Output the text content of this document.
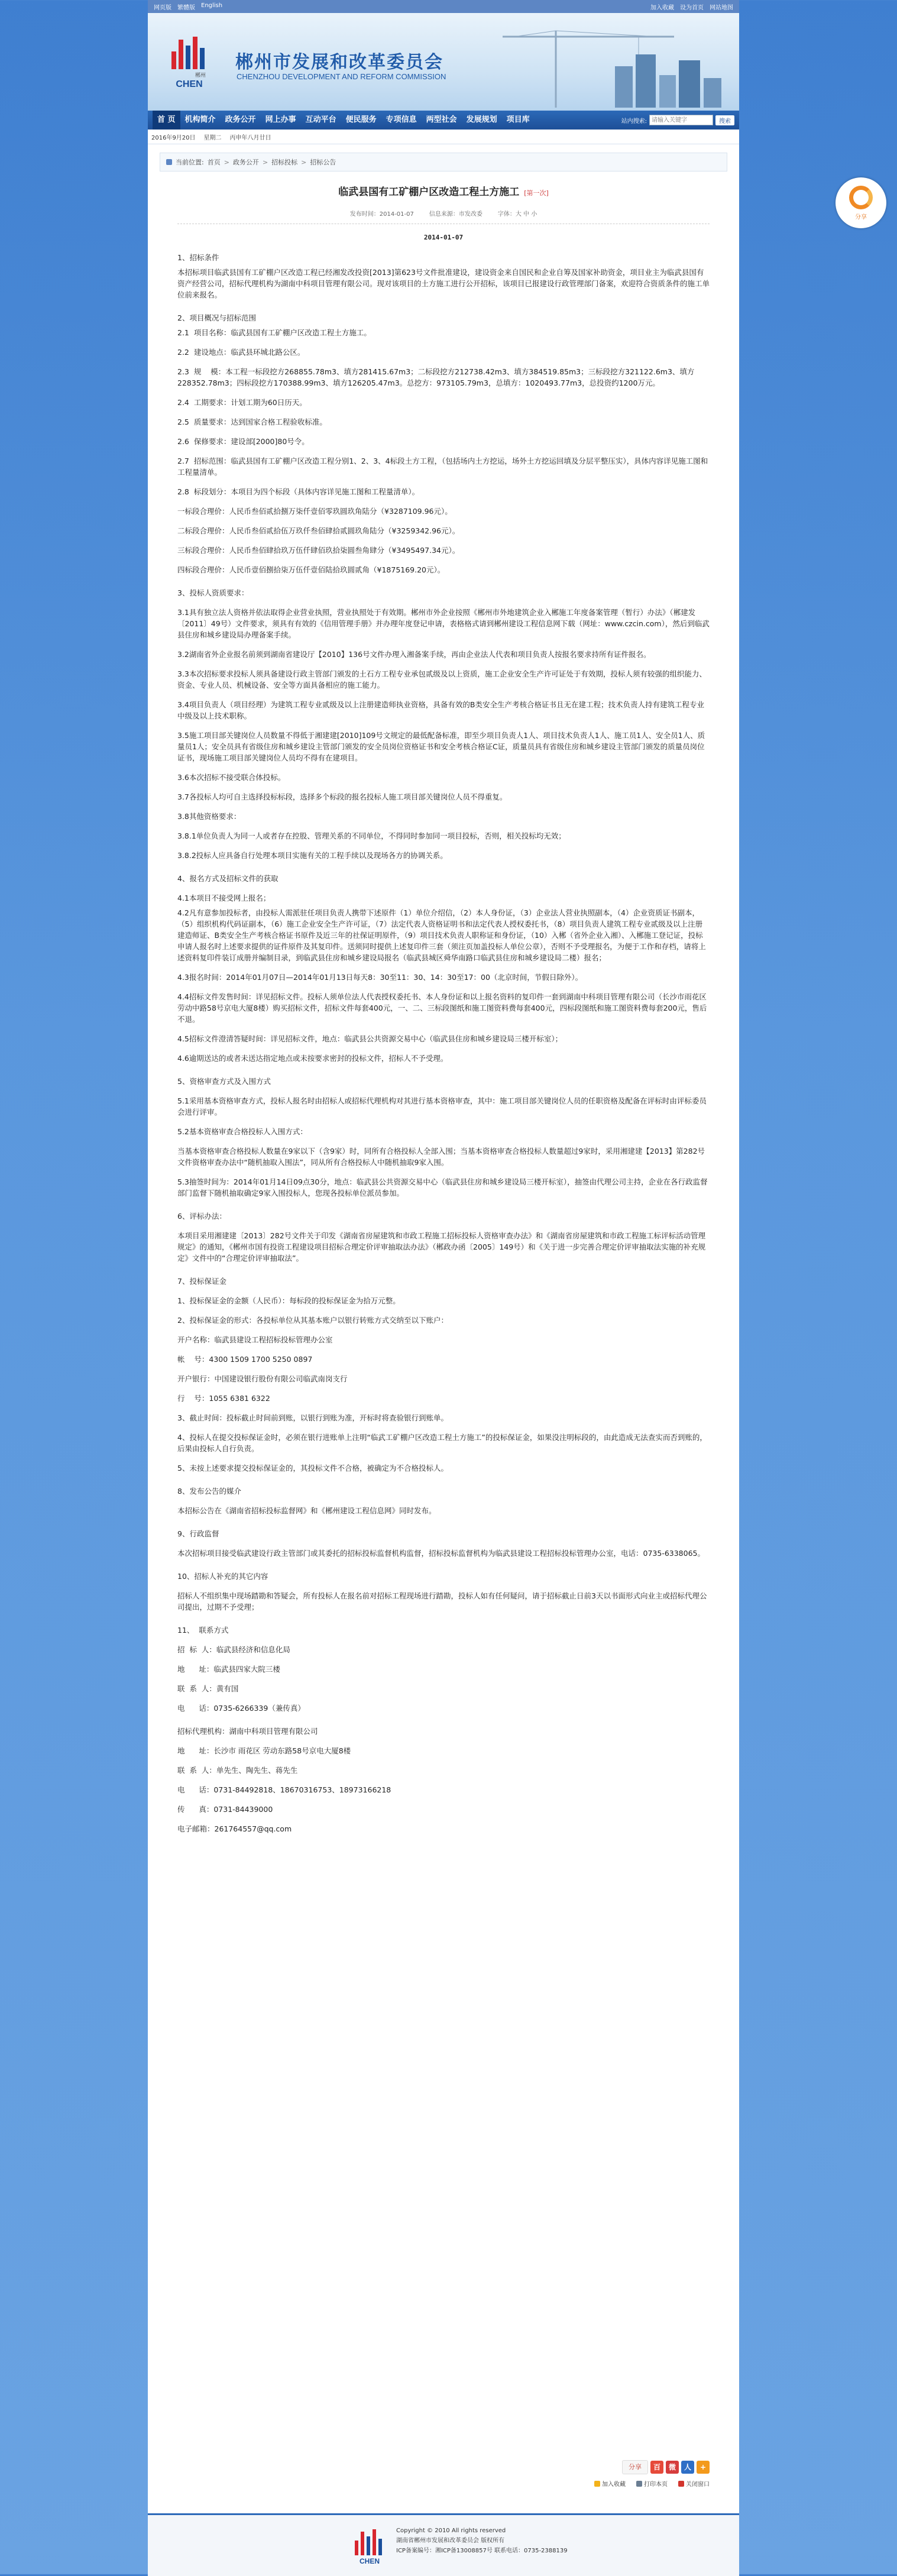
网页版 繁體版 English	加入收藏 设为首页 网站地图
郴州
CHEN
郴州市发展和改革委员会
CHENZHOU DEVELOPMENT AND REFORM COMMISSION
首 页	机构简介	政务公开	网上办事	互动平台	便民服务	专项信息	两型社会	发展规划	项目库	站内搜索:
请输入关键字	搜索
2016年9月20日 星期二 丙申年八月廿日
当前位置: 首页 > 政务公开 > 招标投标 > 招标公告
临武县国有工矿棚户区改造工程土方施工 [第一次]
发布时间：2014-01-07	信息来源：市发改委	字体：大 中 小
2014-01-07

1、招标条件

本招标项目临武县国有工矿棚户区改造工程已经湘发改投资[2013]第623号文件批准建设，建设资金来自国民和企业自筹及国家补助资金，项目业主为临武县国有资产经营公司，招标代理机构为湖南中科项目管理有限公司。现对该项目的土方施工进行公开招标，该项目已报建设行政管理部门备案，欢迎符合资质条件的施工单位前来报名。

2、项目概况与招标范围

2.1  项目名称：临武县国有工矿棚户区改造工程土方施工。

2.2  建设地点：临武县环城北路公区。

2.3  规    模：本工程一标段挖方268855.78m3、填方281415.67m3；二标段挖方212738.42m3、填方384519.85m3；三标段挖方321122.6m3、填方228352.78m3；四标段挖方170388.99m3、填方126205.47m3。总挖方：973105.79m3，总填方：1020493.77m3，总投资约1200万元。

2.4  工期要求：计划工期为60日历天。

2.5  质量要求：达到国家合格工程验收标准。

2.6  保修要求：建设部[2000]80号令。

2.7  招标范围：临武县国有工矿棚户区改造工程分别1、2、3、4标段土方工程，（包括场内土方挖运，场外土方挖运回填及分层平整压实），具体内容详见施工图和工程量清单。

2.8  标段划分：本项目为四个标段（具体内容详见施工图和工程量清单）。

一标段合理价：人民币叁佰贰拾捌万柒仟壹佰零玖圆玖角陆分（¥3287109.96元）。

二标段合理价：人民币叁佰贰拾伍万玖仟叁佰肆拾贰圆玖角陆分（¥3259342.96元）。

三标段合理价：人民币叁佰肆拾玖万伍仟肆佰玖拾柒圆叁角肆分（¥3495497.34元）。

四标段合理价：人民币壹佰捌拾柒万伍仟壹佰陆拾玖圆贰角（¥1875169.20元）。

3、投标人资质要求：

3.1具有独立法人资格并依法取得企业营业执照，营业执照处于有效期。郴州市外企业按照《郴州市外地建筑企业入郴施工年度备案管理（暂行）办法》（郴建发〔2011〕49号）文件要求，须具有有效的《信用管理手册》并办理年度登记申请，表格格式请到郴州建设工程信息网下载（网址：www.czcin.com），然后到临武县住房和城乡建设局办理备案手续。

3.2湖南省外企业报名前须到湖南省建设厅【2010】136号文件办理入湘备案手续，再由企业法人代表和项目负责人按报名要求持所有证件报名。

3.3本次招标要求投标人须具备建设行政主管部门颁发的土石方工程专业承包贰级及以上资质，施工企业安全生产许可证处于有效期，投标人须有较强的组织能力、资金、专业人员、机械设备、安全等方面具备相应的施工能力。

3.4项目负责人（项目经理）为建筑工程专业贰级及以上注册建造师执业资格，具备有效的B类安全生产考核合格证书且无在建工程；技术负责人持有建筑工程专业中级及以上技术职称。

3.5施工项目部关键岗位人员数量不得低于湘建建[2010]109号文规定的最低配备标准，即至少项目负责人1人、项目技术负责人1人、施工员1人、安全员1人、质量员1人；安全员具有省级住房和城乡建设主管部门颁发的安全员岗位资格证书和安全考核合格证C证，质量员具有省级住房和城乡建设主管部门颁发的质量员岗位证书，现场施工项目部关键岗位人员均不得有在建项目。

3.6本次招标不接受联合体投标。

3.7各投标人均可自主选择投标标段，选择多个标段的报名投标人施工项目部关键岗位人员不得重复。

3.8其他资格要求：

3.8.1单位负责人为同一人或者存在控股、管理关系的不同单位，不得同时参加同一项目投标，否则，相关投标均无效；

3.8.2投标人应具备自行处理本项目实施有关的工程手续以及现场各方的协调关系。

4、报名方式及招标文件的获取

4.1本项目不接受网上报名；

4.2凡有意参加投标者，由投标人需派驻任项目负责人携带下述原件（1）单位介绍信，（2）本人身份证，（3）企业法人营业执照副本，（4）企业资质证书副本，（5）组织机构代码证副本，（6）施工企业安全生产许可证，（7）法定代表人资格证明书和法定代表人授权委托书，（8）项目负责人建筑工程专业贰级及以上注册建造师证、B类安全生产考核合格证书原件及近三年的社保证明原件，（9）项目技术负责人职称证和身份证，（10）入郴（省外企业入湘）、入郴施工登记证，投标申请人报名时上述要求提供的证件原件及其复印件。送须同时提供上述复印件三套（须注页加盖投标人单位公章），否则不予受理报名，为便于工作和存档，请将上述资料复印件装订成册并编制目录，到临武县住房和城乡建设局报名（临武县城区舜华南路口临武县住房和城乡建设局二楼）报名；

4.3报名时间：2014年01月07日—2014年01月13日每天8：30至11：30、14：30至17：00（北京时间，节假日除外）。

4.4招标文件发售时间：详见招标文件。投标人须单位法人代表授权委托书、本人身份证和以上报名资料的复印件一套到湖南中科项目管理有限公司（长沙市雨花区劳动中路58号京电大厦8楼）购买招标文件，招标文件每套400元，一、二、三标段图纸和施工图资料费每套400元，四标段图纸和施工图资料费每套200元，售后不退。

4.5招标文件澄清答疑时间：详见招标文件，地点：临武县公共资源交易中心（临武县住房和城乡建设局三楼开标室）；

4.6逾期送达的或者未送达指定地点或未按要求密封的投标文件，招标人不予受理。

5、资格审查方式及入围方式

5.1采用基本资格审查方式，投标人报名时由招标人或招标代理机构对其进行基本资格审查，其中：施工项目部关键岗位人员的任职资格及配备在评标时由评标委员会进行评审。

5.2基本资格审查合格投标人入围方式：

当基本资格审查合格投标人数量在9家以下（含9家）时，同所有合格投标人全部入围；当基本资格审查合格投标人数量超过9家时，采用湘建建【2013】第282号文件资格审查办法中“随机抽取入围法”，同从所有合格投标人中随机抽取9家入围。

5.3抽签时间为：2014年01月14日09点30分，地点：临武县公共资源交易中心（临武县住房和城乡建设局三楼开标室），抽签由代理公司主持，企业在各行政监督部门监督下随机抽取确定9家入围投标人，您现各投标单位派员参加。

6、评标办法：

本项目采用湘建建〔2013〕282号文件关于印发《湖南省房屋建筑和市政工程施工招标投标人资格审查办法》和《湖南省房屋建筑和市政工程施工标评标活动管理规定》的通知，《郴州市国有投资工程建设项目招标合理定价评审抽取法办法》（郴政办函〔2005〕149号）和《关于进一步完善合理定价评审抽取法实施的补充规定》文件中的“合理定价评审抽取法”。

7、投标保证金

1、投标保证金的金额（人民币）：每标段的投标保证金为拾万元整。

2、投标保证金的形式：各投标单位从其基本账户以银行转账方式交纳至以下账户：

开户名称：临武县建设工程招标投标管理办公室

帐    号：4300 1509 1700 5250 0897

开户银行：中国建设银行股份有限公司临武南岗支行

行    号：1055 6381 6322

3、截止时间：投标截止时间前到账，以银行到账为准，开标时将查验银行到账单。

4、投标人在提交投标保证金时，必须在银行进账单上注明“临武工矿棚户区改造工程土方施工”的投标保证金，如果没注明标段的，由此造成无法查实而否到账的，后果由投标人自行负责。

5、未按上述要求提交投标保证金的，其投标文件不合格，被确定为不合格投标人。

8、发布公告的媒介

本招标公告在《湖南省招标投标监督网》和《郴州建设工程信息网》同时发布。

9、行政监督

本次招标项目接受临武建设行政主管部门或其委托的招标投标监督机构监督，招标投标监督机构为临武县建设工程招标投标管理办公室，电话：0735-6338065。

10、招标人补充的其它内容

招标人不组织集中现场踏勘和答疑会，所有投标人在报名前对招标工程现场进行踏勘，投标人如有任何疑问，请于招标截止日前3天以书面形式向业主或招标代理公司提出，过期不予受理；

11、  联系方式

招  标  人：临武县经济和信息化局

地      址：临武县四家大院三楼

联  系  人：黄有国

电      话：0735-6266339（兼传真）

招标代理机构：湖南中科项目管理有限公司

地      址：长沙市 雨花区 劳动东路58号京电大厦8楼

联  系  人：单先生、陶先生、蒋先生

电      话：0731-84492818、18670316753、18973166218

传      真：0731-84439000

电子邮箱：261764557@qq.com

分享	百	微	人	+
加入收藏	打印本页	关闭窗口
CHEN
Copyright © 2010 All rights reserved
湖南省郴州市发展和改革委员会 版权所有
ICP备案编号：湘ICP备13008857号 联系电话：0735-2388139
分享
